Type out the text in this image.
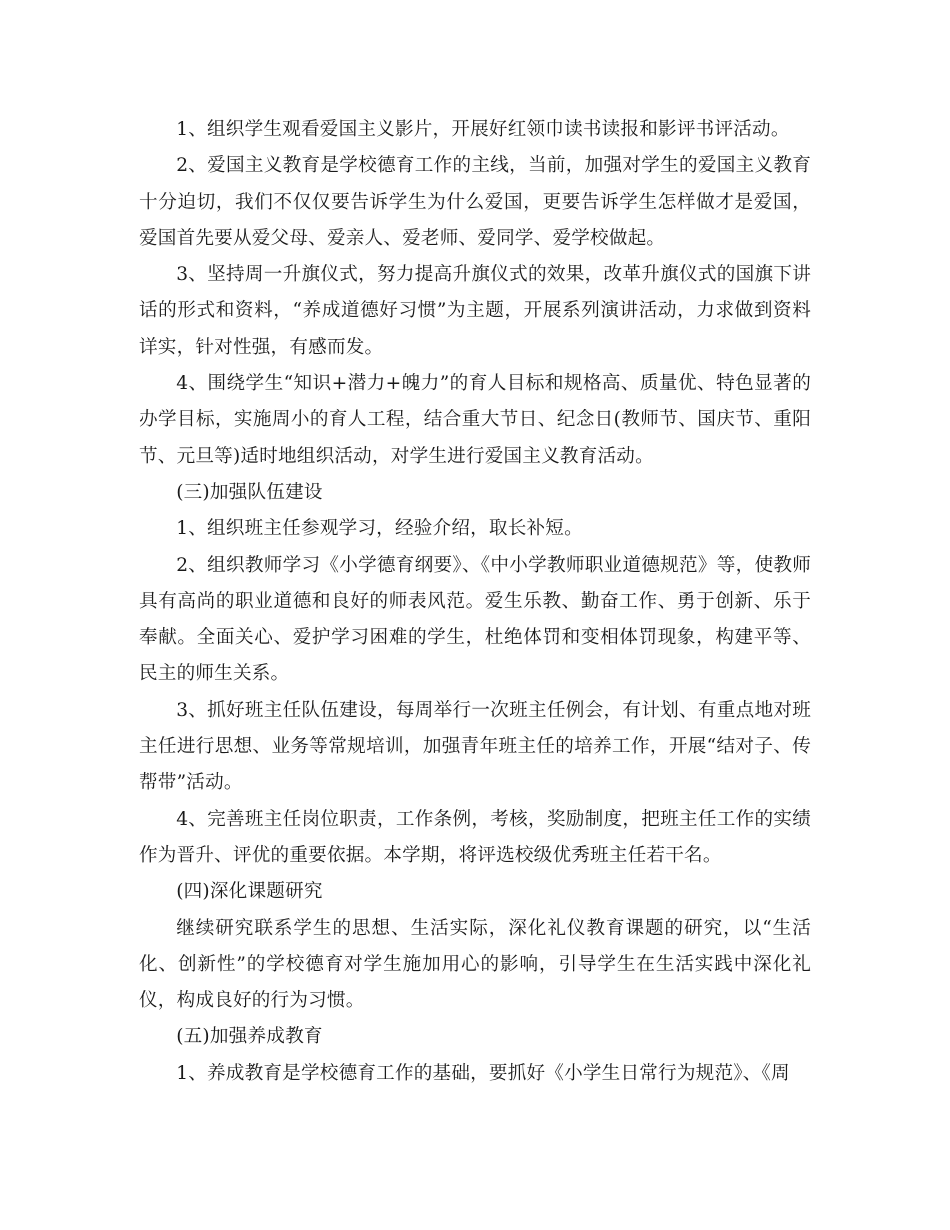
1、组织学生观看爱国主义影片，开展好红领巾读书读报和影评书评活动。

2、爱国主义教育是学校德育工作的主线，当前，加强对学生的爱国主义教育十分迫切，我们不仅仅要告诉学生为什么爱国，更要告诉学生怎样做才是爱国，爱国首先要从爱父母、爱亲人、爱老师、爱同学、爱学校做起。

3、坚持周一升旗仪式，努力提高升旗仪式的效果，改革升旗仪式的国旗下讲话的形式和资料，“养成道德好习惯”为主题，开展系列演讲活动，力求做到资料详实，针对性强，有感而发。

4、围绕学生“知识+潜力+魄力”的育人目标和规格高、质量优、特色显著的办学目标，实施周小的育人工程，结合重大节日、纪念日(教师节、国庆节、重阳节、元旦等)适时地组织活动，对学生进行爱国主义教育活动。

(三)加强队伍建设

1、组织班主任参观学习，经验介绍，取长补短。

2、组织教师学习《小学德育纲要》、《中小学教师职业道德规范》等，使教师具有高尚的职业道德和良好的师表风范。爱生乐教、勤奋工作、勇于创新、乐于奉献。全面关心、爱护学习困难的学生，杜绝体罚和变相体罚现象，构建平等、民主的师生关系。

3、抓好班主任队伍建设，每周举行一次班主任例会，有计划、有重点地对班主任进行思想、业务等常规培训，加强青年班主任的培养工作，开展“结对子、传帮带”活动。

4、完善班主任岗位职责，工作条例，考核，奖励制度，把班主任工作的实绩作为晋升、评优的重要依据。本学期，将评选校级优秀班主任若干名。

(四)深化课题研究

继续研究联系学生的思想、生活实际，深化礼仪教育课题的研究，以“生活化、创新性”的学校德育对学生施加用心的影响，引导学生在生活实践中深化礼仪，构成良好的行为习惯。

(五)加强养成教育

1、养成教育是学校德育工作的基础，要抓好《小学生日常行为规范》、《周
